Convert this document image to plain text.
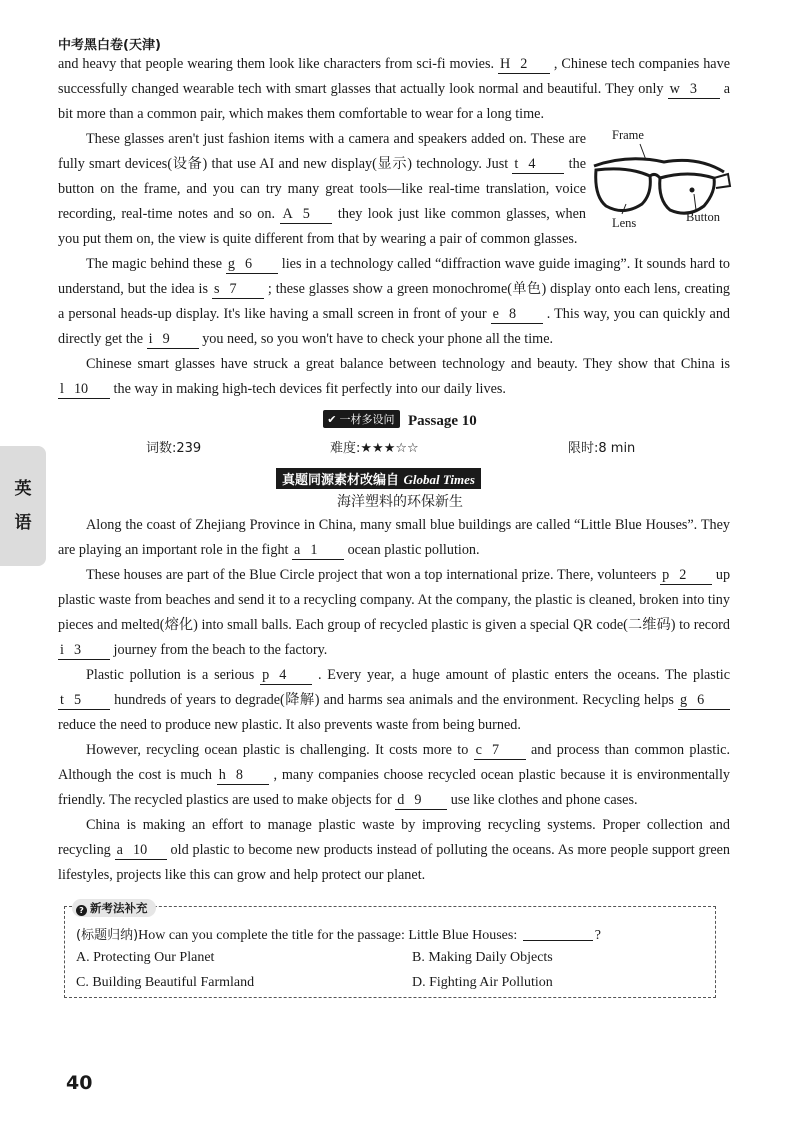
中考黑白卷(天津)

and heavy that people wearing them look like characters from sci-fi movies. H 2 , Chinese tech companies have successfully changed wearable tech with smart glasses that actually look normal and beautiful. They only w 3 a bit more than a common pair, which makes them comfortable to wear for a long time.

These glasses aren't just fashion items with a camera and speakers added on. These are fully smart devices(设备) that use AI and new display(显示) technology. Just t 4 the button on the frame, and you can try many great tools—like real-time translation, voice recording, real-time notes and so on. A 5 they look just like common glasses, when you put them on, the view is quite different from that by wearing a pair of common glasses.

The magic behind these g 6 lies in a technology called “diffraction wave guide imaging”. It sounds hard to understand, but the idea is s 7 ; these glasses show a green monochrome(单色) display onto each lens, creating a personal heads-up display. It's like having a small screen in front of your e 8 . This way, you can quickly and directly get the i 9 you need, so you won't have to check your phone all the time.

Chinese smart glasses have struck a great balance between technology and beauty. They show that China is l 10 the way in making high-tech devices fit perfectly into our daily lives.

Frame
Lens	Button
英
语
✔ 一材多设问 Passage 10
词数:239	难度:★★★☆☆	限时:8 min
真题同源素材改编自 Global Times
海洋塑料的环保新生

Along the coast of Zhejiang Province in China, many small blue buildings are called “Little Blue Houses”. They are playing an important role in the fight a 1 ocean plastic pollution.

These houses are part of the Blue Circle project that won a top international prize. There, volunteers p 2 up plastic waste from beaches and send it to a recycling company. At the company, the plastic is cleaned, broken into tiny pieces and melted(熔化) into small balls. Each group of recycled plastic is given a special QR code(二维码) to record i 3 journey from the beach to the factory.

Plastic pollution is a serious p 4 . Every year, a huge amount of plastic enters the oceans. The plastic t 5 hundreds of years to degrade(降解) and harms sea animals and the environment. Recycling helps g 6 reduce the need to produce new plastic. It also prevents waste from being burned.

However, recycling ocean plastic is challenging. It costs more to c 7 and process than common plastic. Although the cost is much h 8 , many companies choose recycled ocean plastic because it is environmentally friendly. The recycled plastics are used to make objects for d 9 use like clothes and phone cases.

China is making an effort to manage plastic waste by improving recycling systems. Proper collection and recycling a 10 old plastic to become new products instead of polluting the oceans. As more people support green lifestyles, projects like this can grow and help protect our planet.

? 新考法补充
(标题归纳)How can you complete the title for the passage: Little Blue Houses:	?
A. Protecting Our Planet	B. Making Daily Objects
C. Building Beautiful Farmland	D. Fighting Air Pollution
40
